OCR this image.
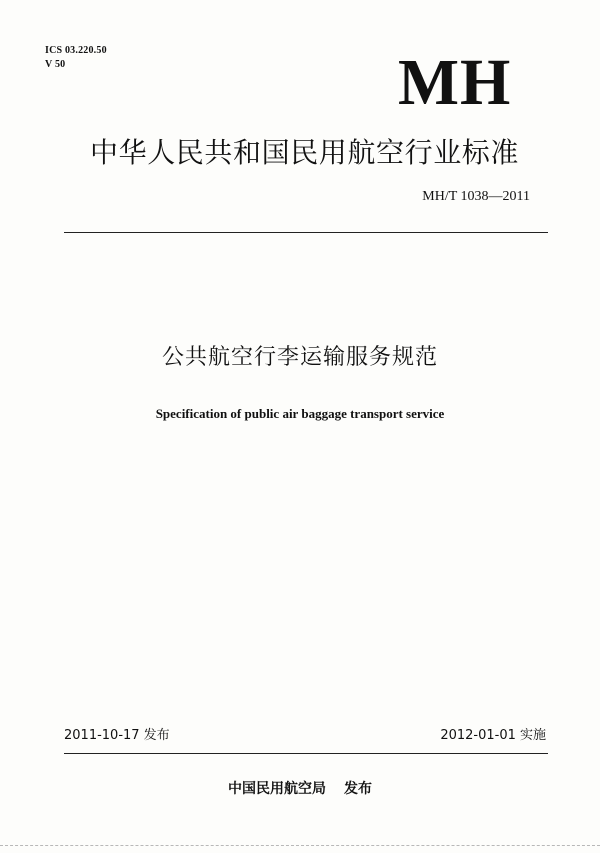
ICS 03.220.50
V 50	MH
中华人民共和国民用航空行业标准
MH/T 1038—2011
公共航空行李运输服务规范
Specification of public air baggage transport service
2011-10-17 发布	2012-01-01 实施
中国民用航空局 发布
